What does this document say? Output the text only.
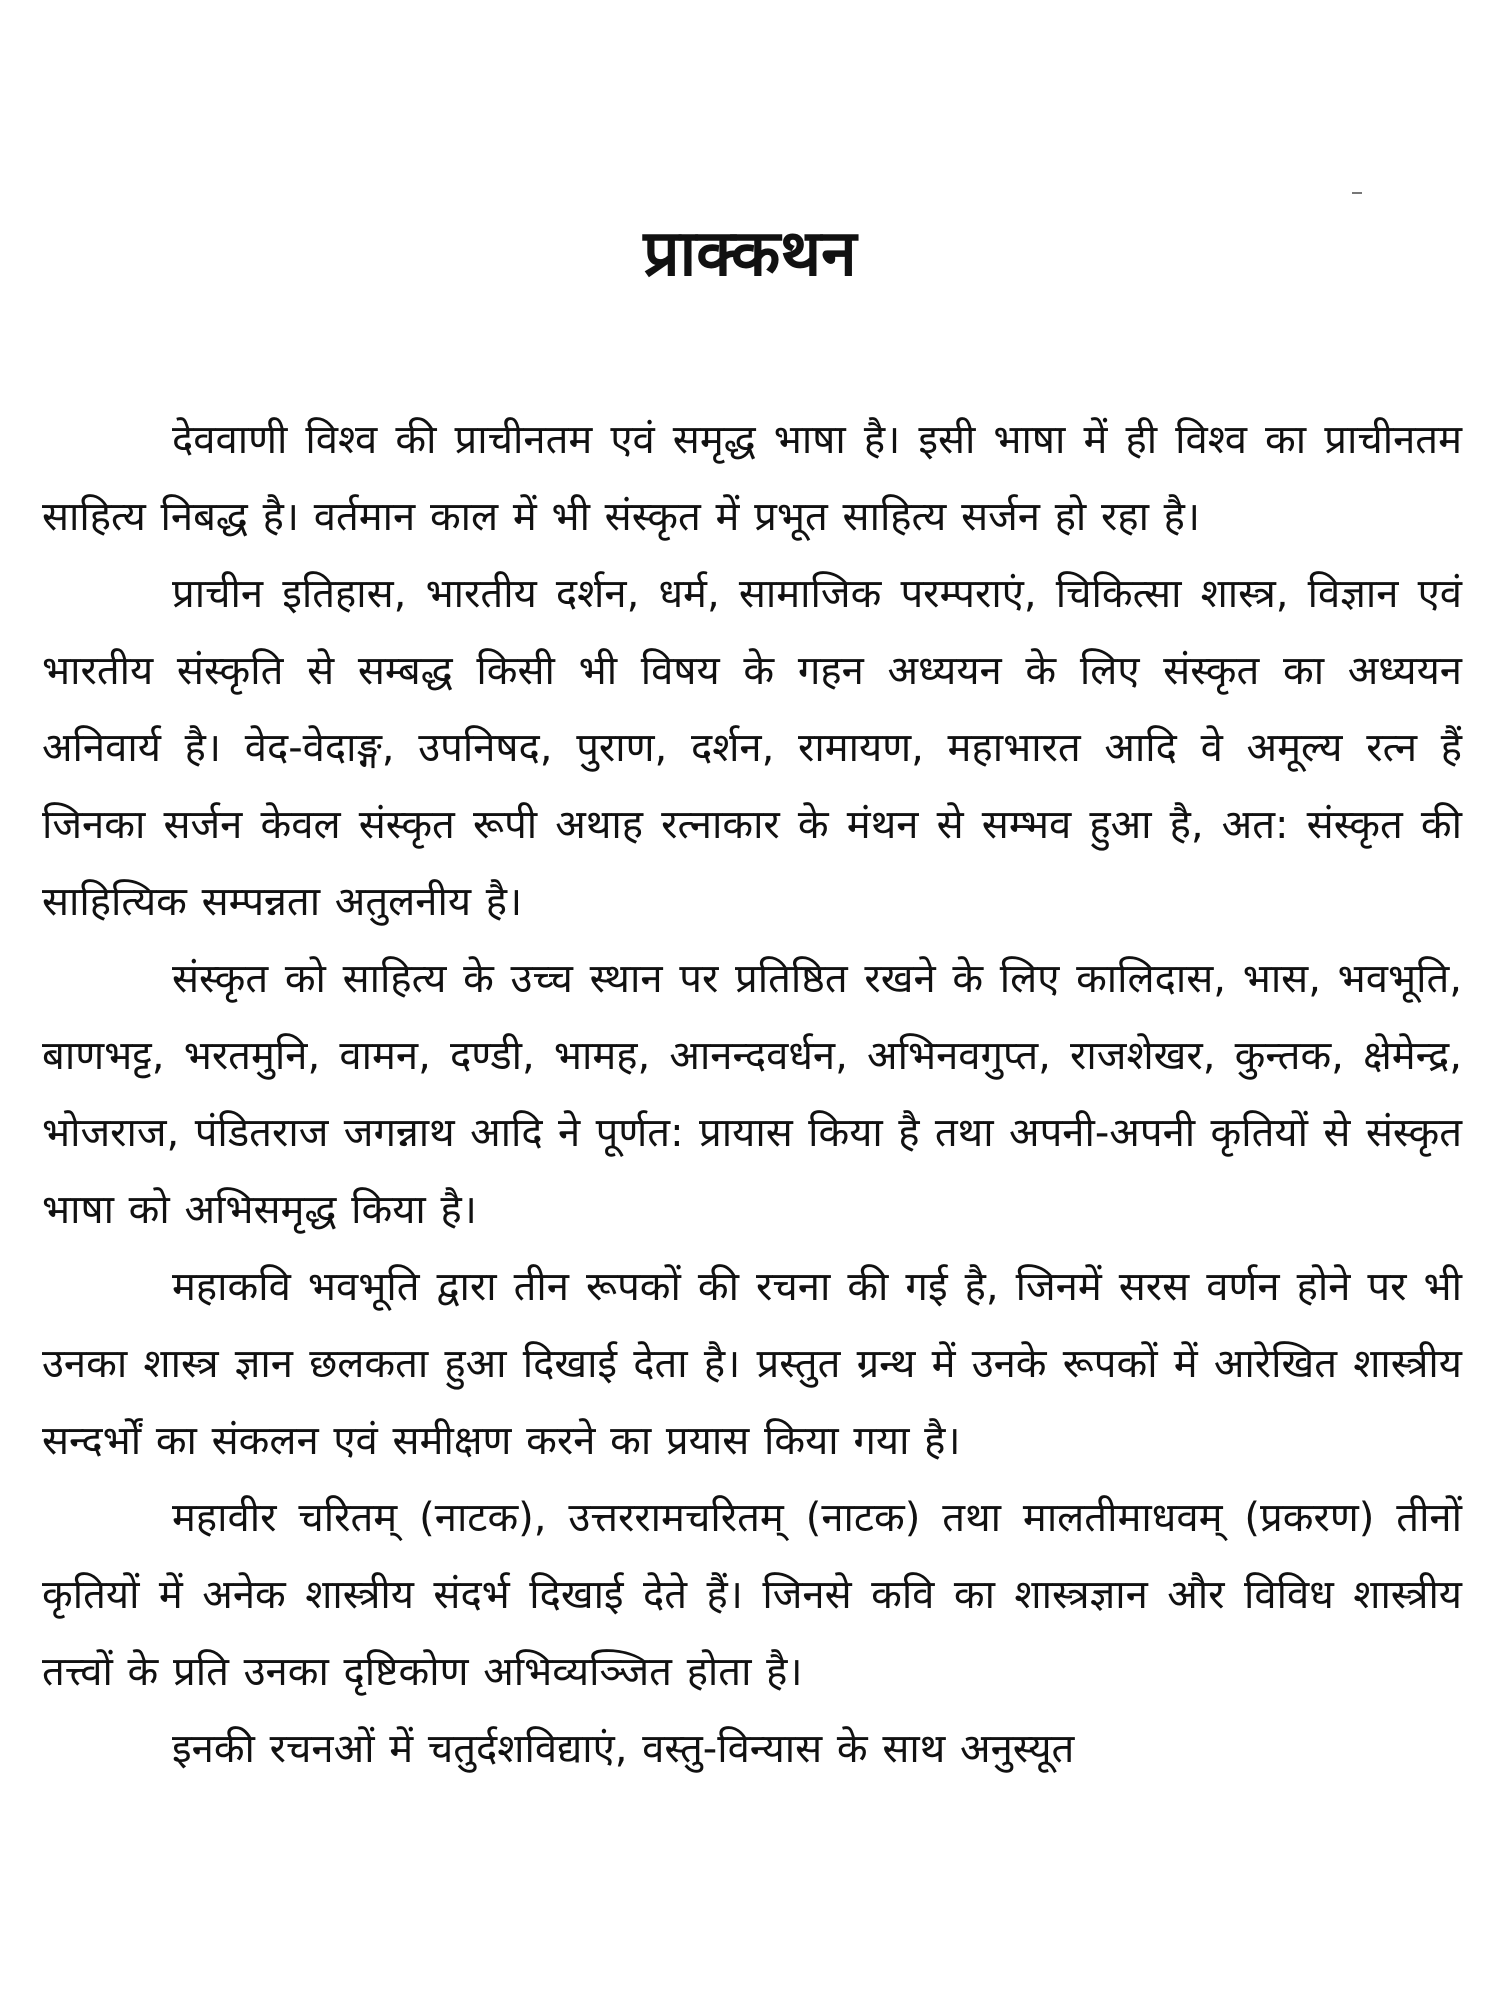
प्राक्कथन

देववाणी विश्व की प्राचीनतम एवं समृद्ध भाषा है। इसी भाषा में ही विश्व का प्राचीनतम साहित्य निबद्ध है। वर्तमान काल में भी संस्कृत में प्रभूत साहित्य सर्जन हो रहा है।

प्राचीन इतिहास, भारतीय दर्शन, धर्म, सामाजिक परम्पराएं, चिकित्सा शास्त्र, विज्ञान एवं भारतीय संस्कृति से सम्बद्ध किसी भी विषय के गहन अध्ययन के लिए संस्कृत का अध्ययन अनिवार्य है। वेद-वेदाङ्ग, उपनिषद, पुराण, दर्शन, रामायण, महाभारत आदि वे अमूल्य रत्न हैं जिनका सर्जन केवल संस्कृत रूपी अथाह रत्नाकार के मंथन से सम्भव हुआ है, अत: संस्कृत की साहित्यिक सम्पन्नता अतुलनीय है।

संस्कृत को साहित्य के उच्च स्थान पर प्रतिष्ठित रखने के लिए कालिदास, भास, भवभूति, बाणभट्ट, भरतमुनि, वामन, दण्डी, भामह, आनन्दवर्धन, अभिनवगुप्त, राजशेखर, कुन्तक, क्षेमेन्द्र, भोजराज, पंडितराज जगन्नाथ आदि ने पूर्णत: प्रायास किया है तथा अपनी-अपनी कृतियों से संस्कृत भाषा को अभिसमृद्ध किया है।

महाकवि भवभूति द्वारा तीन रूपकों की रचना की गई है, जिनमें सरस वर्णन होने पर भी उनका शास्त्र ज्ञान छलकता हुआ दिखाई देता है। प्रस्तुत ग्रन्थ में उनके रूपकों में आरेखित शास्त्रीय सन्दर्भों का संकलन एवं समीक्षण करने का प्रयास किया गया है।

महावीर चरितम् (नाटक), उत्तररामचरितम् (नाटक) तथा मालतीमाधवम् (प्रकरण) तीनों कृतियों में अनेक शास्त्रीय संदर्भ दिखाई देते हैं। जिनसे कवि का शास्त्रज्ञान और विविध शास्त्रीय तत्त्वों के प्रति उनका दृष्टिकोण अभिव्यञ्जित होता है।

इनकी रचनओं में चतुर्दशविद्याएं, वस्तु-विन्यास के साथ अनुस्यूत
